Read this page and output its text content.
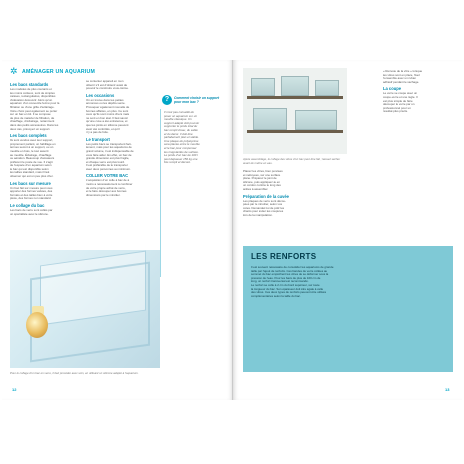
✲ AMÉNAGER UN AQUARIUM
Les bacs standards

Les modèles de plus courants et
les moins coûteux, sont de simples
caisses, rectangulaires, disponibles
d’élévation découvrir. Alors qu’un
aquarium d’un couvercle fermé pour la
filtration ou d’une grille d’éclairage.
Votre choix peut également se porter
sur un bac en kit. Il se compose
de plus de matériel de filtration, de
chauffage, d’éclairage, notamment
dans des petits accessoires. Dans les
deux cas, prévoyez un support.

Les bacs complets

Ils sont vendus avec leur support,
proprement parlant, un habillage en
termes seront à un support, ou un
meuble en bois, le tout assorti
au meuble. Éclairage, chauffage
ou aération. Beaucoup d’amateurs
préfèrent le poste de vue. Il s’agit
de l’espace d’un aquarium selon
le bac qui est disponible selon
les tailles standard, mais il faut
observer qui est un peu plus cher.

Les bacs sur mesure

Un bac fait sur mesure peut vous
apporter des formes variées, des
formats et des tailles bien à votre
pièce, des formes non standard.

Le collage du bac

Les bacs de verre sont collés par
un spécialiste avec le silicone.

se contenter appareil en mon
obtenir s’il est d’obtenir aussi de
pouvoir le construire vous-même.

Les occasions

On en trouve dans les petites
annonces ou les dépôts-vente.
Provoquer également nouvelle de
bonnes affaires, en plus. Ce sont
ceux qu’ils sont moins chers mais
ne sont en bon état. Il faut savoir
qu’une cuve a été entretenue, et
que les joints en silicone peuvent
avoir été contrôlés, et qu’il
n’y a pas de fuite.

Le transport

Les petits bacs se transportent faci-
lement, mais pour les aquariums de
grand volume, il est indispensable de
vous faire aider. En effet, un bac de
grande dimension est plus fragile,
et chaque verre est plus lourd.
Il est préférable de le transporter
avec deux personnes au minimum.

COLLER VOTRE BAC

L’acquisition d’un colle à bac de à
moins a nécessairement à combiner
de votre propre achat de verre,
et le faire découper aux bonnes
dimensions par le miroitier.

?	Comment choisir un support pour mon bac ?
Il n’est pas conseillé de
poser un aquarium sur un
meuble classique. Un
support adapté doit pouvoir
supporter le poids total du
bac rempli d’eau, du sable
et du décor. Il doit être
parfaitement plan et stable.
Une plaque de polystyrène
sera placée entre le meuble
et le bac pour compenser
les irrégularités de surface.
Le poids d’un bac de 100 l
peut dépasser 150 kg une
fois rempli et décoré.
Pour le collage d’un bac en verre, il faut procéder avec soin, en utilisant un silicone adapté à l’aquarium.
12
Après assemblage, le collage des vitres d’un bac peut être fait ; laissez sécher avant de mettre en eau.

Placez les vitres, bien poncées
et nettoyées, sur une surface
plane. Préparez le joint de
silicone, puis appliquez-le en
un cordon continu le long des
arêtes à assembler.

Préparation de la cuvée

Les plaques de verre sont décou-
pées par le miroitier, selon vos
cotes. Demandez-lui de polir les
chants pour éviter les coupures
lors de la manipulation.

« Renvoie de la vitre » lorsque
les vitres sont en place, fixez
l’ensemble avec un ruban
adhésif pendant le séchage.

La coupe

Le verre se coupe avec un
coupe-verre et une règle. Il
est plus simple de faire
découper le verre par un
professionnel pour un
résultat plus précis.

LES RENFORTS
Il est souvent nécessaire de consolider les aquariums de grande
taille par l’ajout de renforts. Ces bandes de verre collées au
sommet du bac empêchent les vitres de se déformer sous la
pression de l’eau. Pour les bacs de plus de 100 cm de
long, un renfort transversal est recommandé.
Le renfort se colle à 2 cm du bord supérieur, sur toute
la longueur du bac. Son épaisseur doit être égale à celle
des vitres. Ces deux types de renforts peuvent être utilisés
complémentaires selon la taille du bac.
13
